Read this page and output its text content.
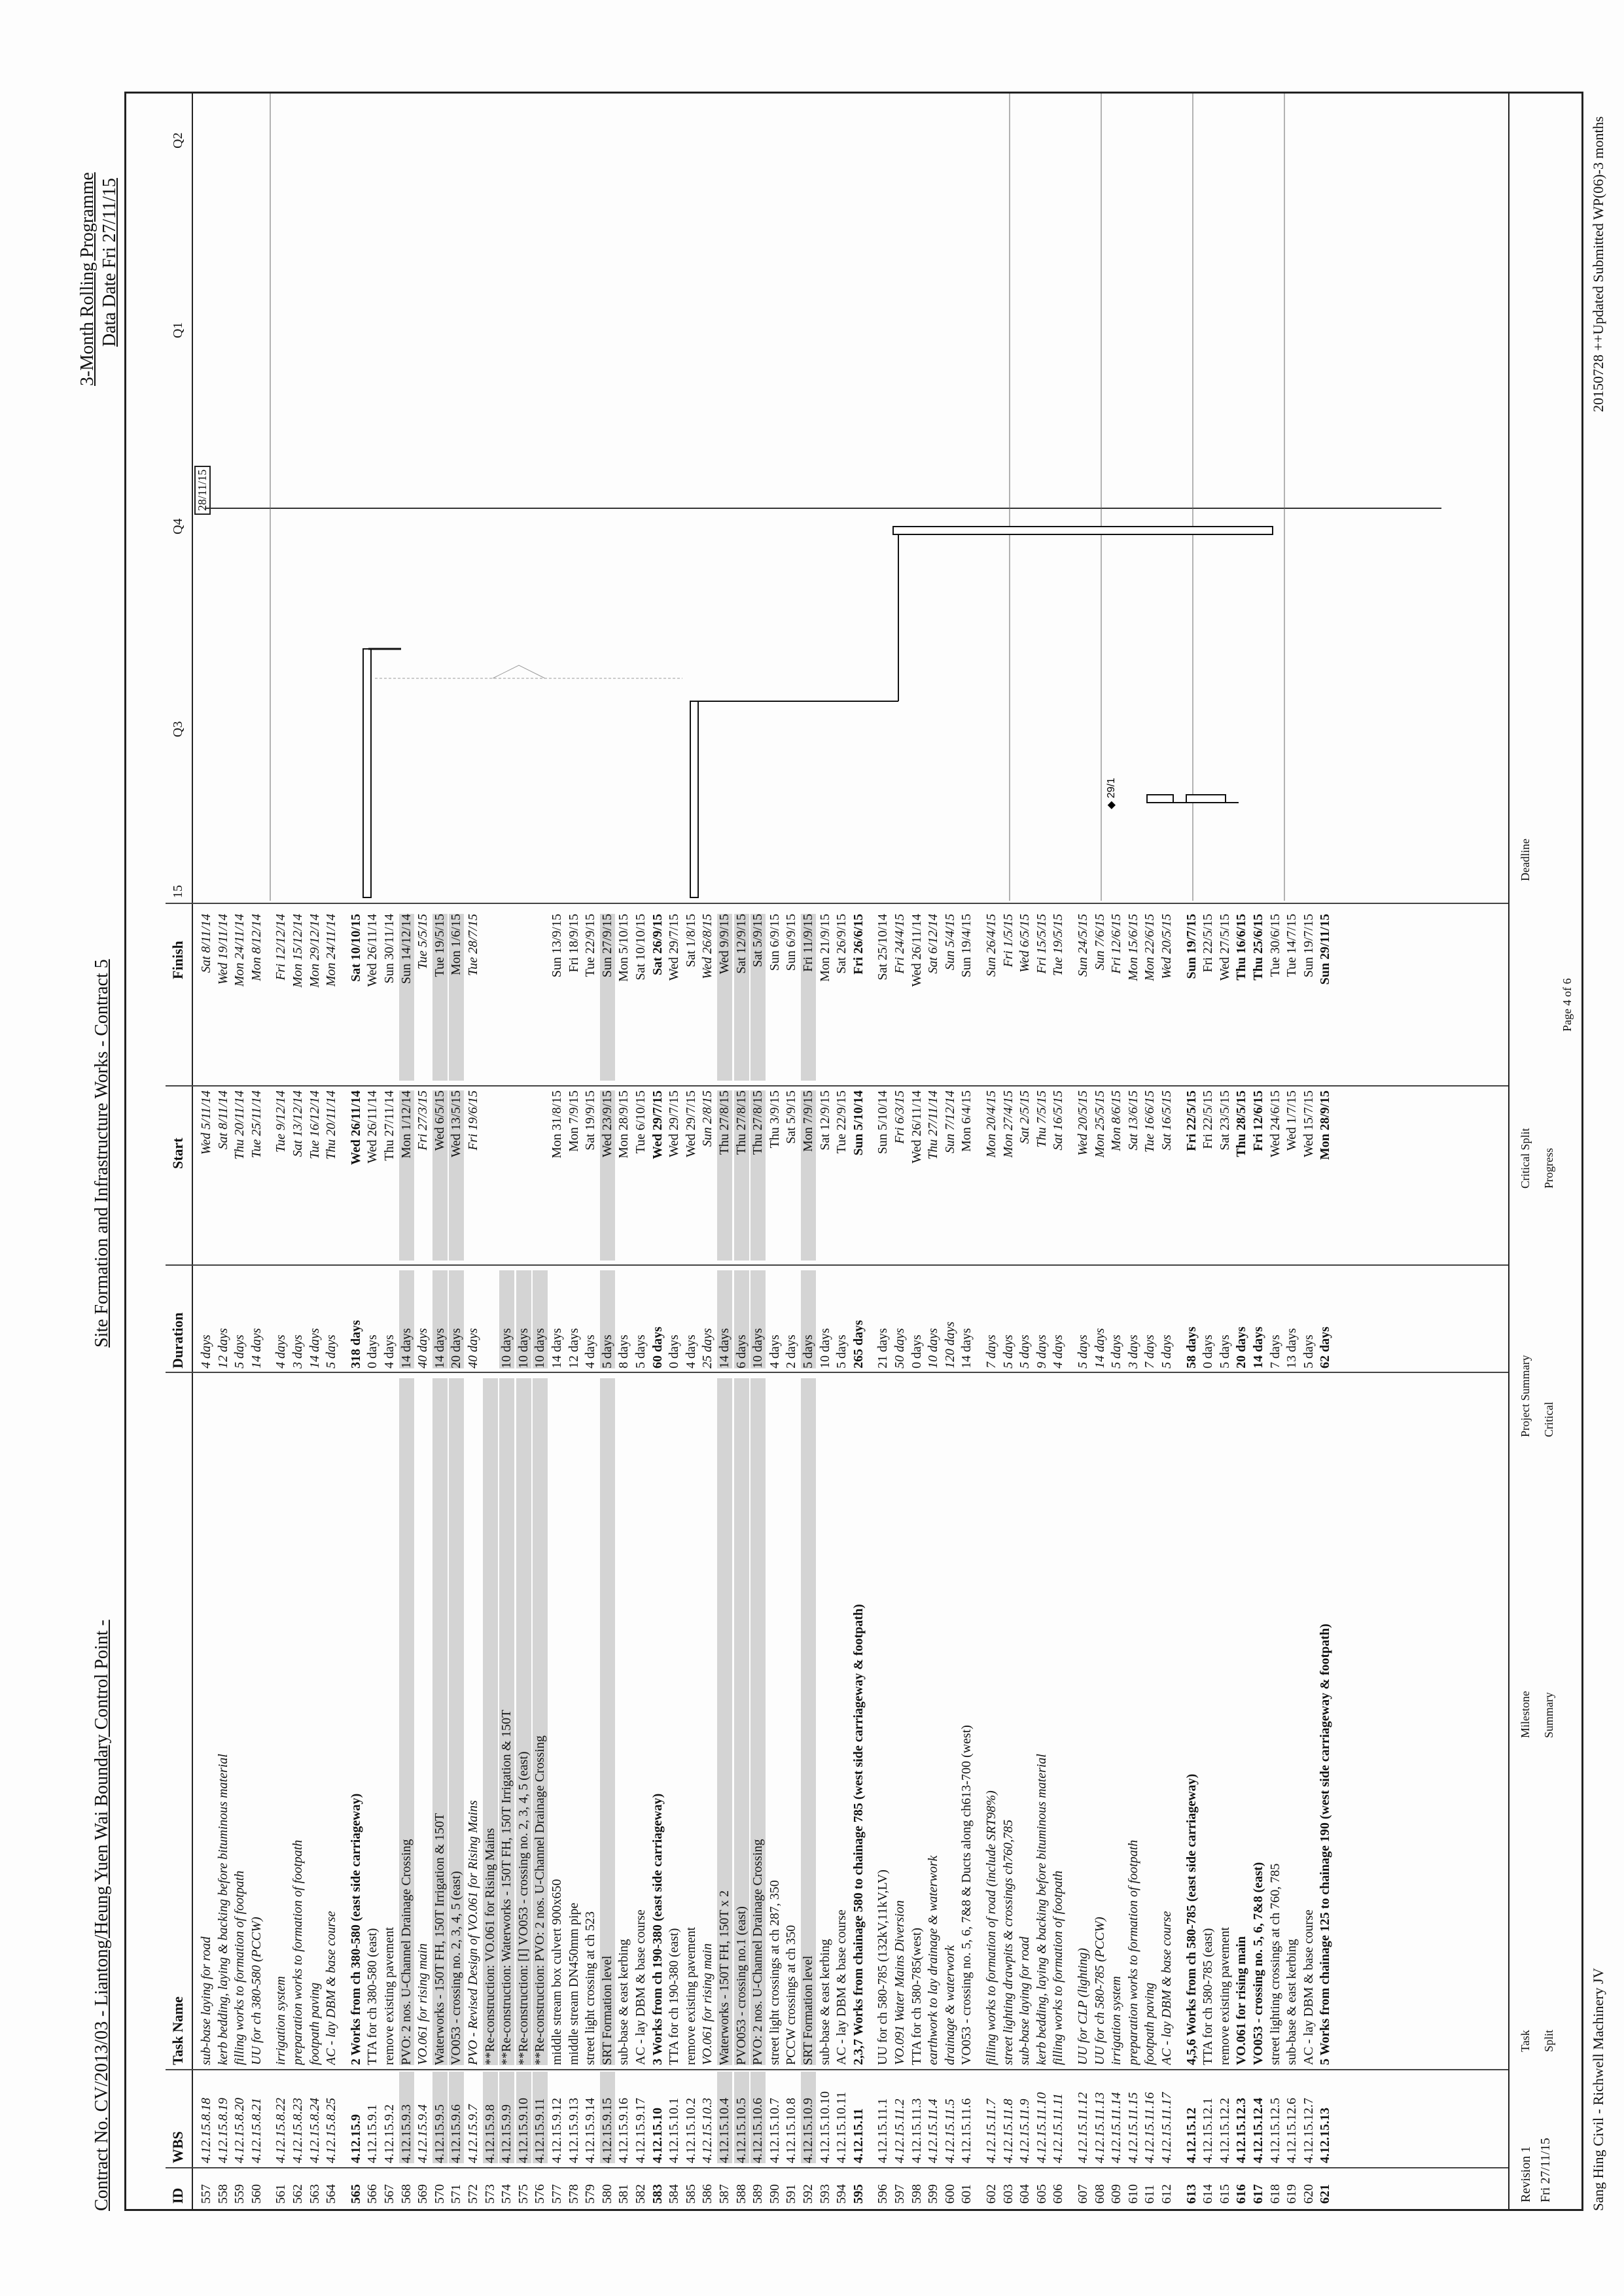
Contract No. CV/2013/03 - Liantong/Heung Yuen Wai Boundary Control Point -
Site Formation and Infrastructure Works - Contract 5
3-Month Rolling Programme Data Date Fri 27/11/15
ID
WBS
Task Name
Duration
Start
Finish
557
4.12.15.8.18
sub-base laying for road
4 days
Wed 5/11/14
Sat 8/11/14
558
4.12.15.8.19
kerb bedding, laying & backing before bituminous material
12 days
Sat 8/11/14
Wed 19/11/14
559
4.12.15.8.20
filling works to formation of footpath
5 days
Thu 20/11/14
Mon 24/11/14
560
4.12.15.8.21
UU for ch 380-580 (PCCW)
14 days
Tue 25/11/14
Mon 8/12/14
561
4.12.15.8.22
irrigation system
4 days
Tue 9/12/14
Fri 12/12/14
562
4.12.15.8.23
preparation works to formation of footpath
3 days
Sat 13/12/14
Mon 15/12/14
563
4.12.15.8.24
footpath paving
14 days
Tue 16/12/14
Mon 29/12/14
564
4.12.15.8.25
AC - lay DBM & base course
5 days
Thu 20/11/14
Mon 24/11/14
565
4.12.15.9
2 Works from ch 380-580 (east side carriageway)
318 days
Wed 26/11/14
Sat 10/10/15
566
4.12.15.9.1
TTA for ch 380-580 (east)
0 days
Wed 26/11/14
Wed 26/11/14
567
4.12.15.9.2
remove existing pavement
4 days
Thu 27/11/14
Sun 30/11/14
568
4.12.15.9.3
PVO: 2 nos. U-Channel Drainage Crossing
14 days
Mon 1/12/14
Sun 14/12/14
569
4.12.15.9.4
VO.061 for rising main
40 days
Fri 27/3/15
Tue 5/5/15
570
4.12.15.9.5
Waterworks - 150T FH, 150T Irrigation & 150T
14 days
Wed 6/5/15
Tue 19/5/15
571
4.12.15.9.6
VO053 - crossing no. 2, 3, 4, 5 (east)
20 days
Wed 13/5/15
Mon 1/6/15
572
4.12.15.9.7
PVO - Revised Design of VO.061 for Rising Mains
40 days
Fri 19/6/15
Tue 28/7/15
573
4.12.15.9.8
**Re-construction: VO.061 for Rising Mains
574
4.12.15.9.9
**Re-construction: Waterworks - 150T FH, 150T Irrigation & 150T
10 days
575
4.12.15.9.10
**Re-construction: [I] VO053 - crossing no. 2, 3, 4, 5 (east)
10 days
576
4.12.15.9.11
**Re-construction: PVO: 2 nos. U-Channel Drainage Crossing
10 days
577
4.12.15.9.12
middle stream box culvert 900x650
14 days
Mon 31/8/15
Sun 13/9/15
578
4.12.15.9.13
middle stream DN450mm pipe
12 days
Mon 7/9/15
Fri 18/9/15
579
4.12.15.9.14
street light crossing at ch 523
4 days
Sat 19/9/15
Tue 22/9/15
580
4.12.15.9.15
SRT Formation level
5 days
Wed 23/9/15
Sun 27/9/15
581
4.12.15.9.16
sub-base & east kerbing
8 days
Mon 28/9/15
Mon 5/10/15
582
4.12.15.9.17
AC - lay DBM & base course
5 days
Tue 6/10/15
Sat 10/10/15
583
4.12.15.10
3 Works from ch 190-380 (east side carriageway)
60 days
Wed 29/7/15
Sat 26/9/15
584
4.12.15.10.1
TTA for ch 190-380 (east)
0 days
Wed 29/7/15
Wed 29/7/15
585
4.12.15.10.2
remove existing pavement
4 days
Wed 29/7/15
Sat 1/8/15
586
4.12.15.10.3
VO.061 for rising main
25 days
Sun 2/8/15
Wed 26/8/15
587
4.12.15.10.4
Waterworks - 150T FH, 150T x 2
14 days
Thu 27/8/15
Wed 9/9/15
588
4.12.15.10.5
PVO053 - crossing no.1 (east)
6 days
Thu 27/8/15
Sat 12/9/15
589
4.12.15.10.6
PVO: 2 nos. U-Channel Drainage Crossing
10 days
Thu 27/8/15
Sat 5/9/15
590
4.12.15.10.7
street light crossings at ch 287, 350
4 days
Thu 3/9/15
Sun 6/9/15
591
4.12.15.10.8
PCCW crossings at ch 350
2 days
Sat 5/9/15
Sun 6/9/15
592
4.12.15.10.9
SRT Formation level
5 days
Mon 7/9/15
Fri 11/9/15
593
4.12.15.10.10
sub-base & east kerbing
10 days
Sat 12/9/15
Mon 21/9/15
594
4.12.15.10.11
AC - lay DBM & base course
5 days
Tue 22/9/15
Sat 26/9/15
595
4.12.15.11
2,3,7 Works from chainage 580 to chainage 785 (west side carriageway & footpath)
265 days
Sun 5/10/14
Fri 26/6/15
596
4.12.15.11.1
UU for ch 580-785 (132kV,11kV,LV)
21 days
Sun 5/10/14
Sat 25/10/14
597
4.12.15.11.2
VO.091 Water Mains Diversion
50 days
Fri 6/3/15
Fri 24/4/15
598
4.12.15.11.3
TTA for ch 580-785(west)
0 days
Wed 26/11/14
Wed 26/11/14
599
4.12.15.11.4
earthwork to lay drainage & waterwork
10 days
Thu 27/11/14
Sat 6/12/14
600
4.12.15.11.5
drainage & waterwork
120 days
Sun 7/12/14
Sun 5/4/15
601
4.12.15.11.6
VO053 - crossing no. 5, 6, 7&8 & Ducts along ch613-700 (west)
14 days
Mon 6/4/15
Sun 19/4/15
602
4.12.15.11.7
filling works to formation of road (include SRT98%)
7 days
Mon 20/4/15
Sun 26/4/15
603
4.12.15.11.8
street lighting drawpits & crossings ch760,785
5 days
Mon 27/4/15
Fri 1/5/15
604
4.12.15.11.9
sub-base laying for road
5 days
Sat 2/5/15
Wed 6/5/15
605
4.12.15.11.10
kerb bedding, laying & backing before bituminous material
9 days
Thu 7/5/15
Fri 15/5/15
606
4.12.15.11.11
filling works to formation of footpath
4 days
Sat 16/5/15
Tue 19/5/15
607
4.12.15.11.12
UU for CLP (lighting)
5 days
Wed 20/5/15
Sun 24/5/15
608
4.12.15.11.13
UU for ch 580-785 (PCCW)
14 days
Mon 25/5/15
Sun 7/6/15
609
4.12.15.11.14
irrigation system
5 days
Mon 8/6/15
Fri 12/6/15
610
4.12.15.11.15
preparation works to formation of footpath
3 days
Sat 13/6/15
Mon 15/6/15
611
4.12.15.11.16
footpath paving
7 days
Tue 16/6/15
Mon 22/6/15
612
4.12.15.11.17
AC - lay DBM & base course
5 days
Sat 16/5/15
Wed 20/5/15
613
4.12.15.12
4,5,6 Works from ch 580-785 (east side carriageway)
58 days
Fri 22/5/15
Sun 19/7/15
614
4.12.15.12.1
TTA for ch 580-785 (east)
0 days
Fri 22/5/15
Fri 22/5/15
615
4.12.15.12.2
remove existing pavement
5 days
Sat 23/5/15
Wed 27/5/15
616
4.12.15.12.3
VO.061 for rising main
20 days
Thu 28/5/15
Thu 16/6/15
617
4.12.15.12.4
VO053 - crossing no. 5, 6, 7&8 (east)
14 days
Fri 12/6/15
Thu 25/6/15
618
4.12.15.12.5
street lighting crossings at ch 760, 785
7 days
Wed 24/6/15
Tue 30/6/15
619
4.12.15.12.6
sub-base & east kerbing
13 days
Wed 1/7/15
Tue 14/7/15
620
4.12.15.12.7
AC - lay DBM & base course
5 days
Wed 15/7/15
Sun 19/7/15
621
4.12.15.13
5 Works from chainage 125 to chainage 190 (west side carriageway & footpath)
62 days
Mon 28/9/15
Sun 29/11/15
15
Q3
Q4
Q1
Q2
28/11/15
◆ 29/1
Revision 1 Fri 27/11/15
Task Split
Milestone Summary
Project Summary Critical
Critical Split Progress
Deadline
Page 4 of 6
Sang Hing Civil - Richwell Machinery JV
20150728 ++Updated Submitted WP(06)-3 months
